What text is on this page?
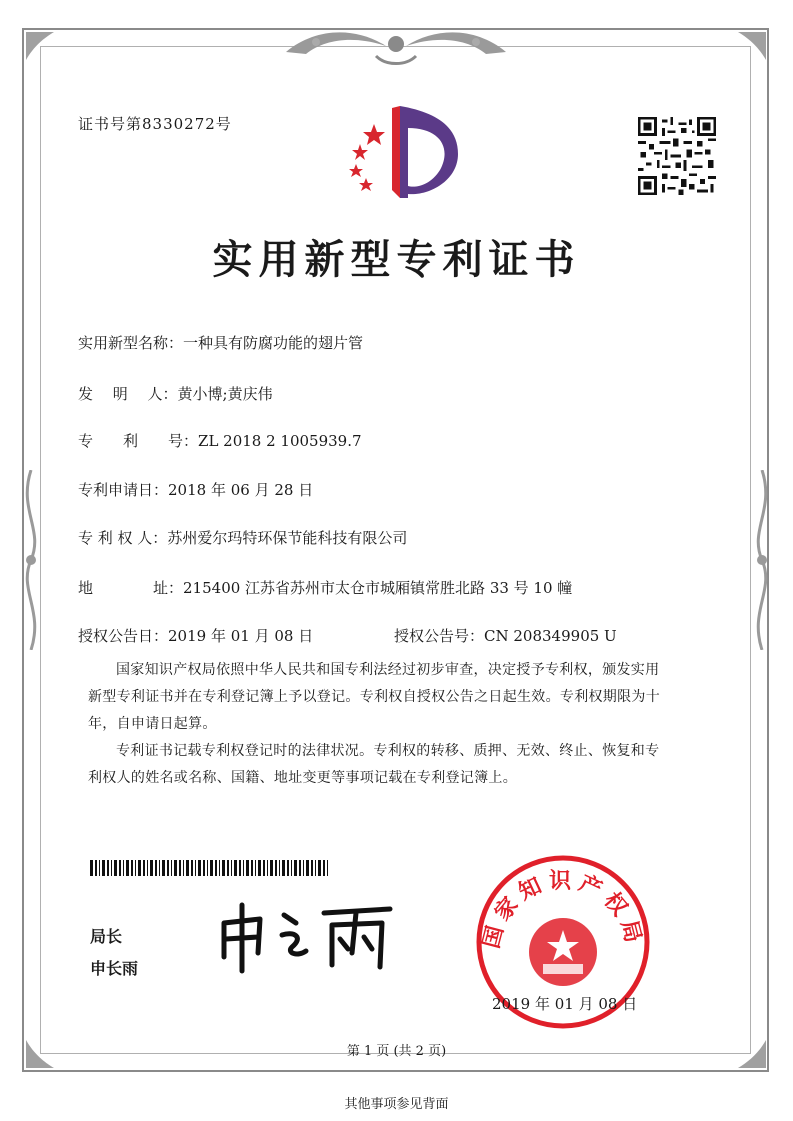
证书号第8330272号
实用新型专利证书
实用新型名称：一种具有防腐功能的翅片管
发　 明　 人：黄小博;黄庆伟
专　　利　　号：ZL 2018 2 1005939.7
专利申请日：2018 年 06 月 28 日
专 利 权 人：苏州爱尔玛特环保节能科技有限公司
地　　　　址：215400 江苏省苏州市太仓市城厢镇常胜北路 33 号 10 幢
授权公告日：2019 年 01 月 08 日	授权公告号：CN 208349905 U
国家知识产权局依照中华人民共和国专利法经过初步审查，决定授予专利权，颁发实用
新型专利证书并在专利登记簿上予以登记。专利权自授权公告之日起生效。专利权期限为十
年，自申请日起算。
专利证书记载专利权登记时的法律状况。专利权的转移、质押、无效、终止、恢复和专
利权人的姓名或名称、国籍、地址变更等事项记载在专利登记簿上。
局长
申长雨
国家知识产权局
2019 年 01 月 08 日
第 1 页 (共 2 页)
其他事项参见背面
